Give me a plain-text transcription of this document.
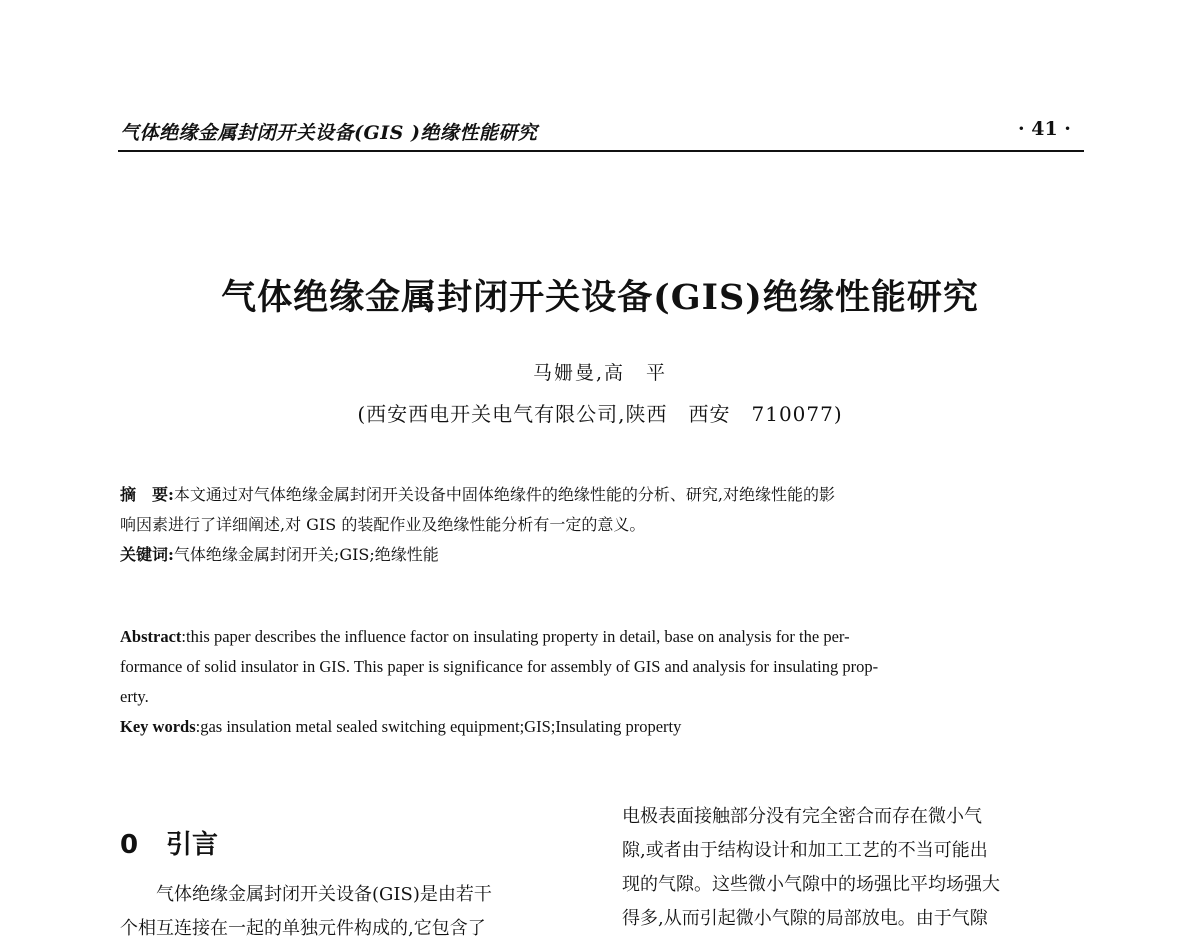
气体绝缘金属封闭开关设备(GIS )绝缘性能研究	· 41 ·
气体绝缘金属封闭开关设备(GIS)绝缘性能研究
马姗曼,高　平
(西安西电开关电气有限公司,陕西　西安　710077)

摘　要:本文通过对气体绝缘金属封闭开关设备中固体绝缘件的绝缘性能的分析、研究,对绝缘性能的影

响因素进行了详细阐述,对 GIS 的装配作业及绝缘性能分析有一定的意义。

关键词:气体绝缘金属封闭开关;GIS;绝缘性能

Abstract:this paper describes the influence factor on insulating property in detail, base on analysis for the per-

formance of solid insulator in GIS. This paper is significance for assembly of GIS and analysis for insulating prop-

erty.

Key words:gas insulation metal sealed switching equipment;GIS;Insulating property

0 引言

气体绝缘金属封闭开关设备(GIS)是由若干

个相互连接在一起的单独元件构成的,它包含了

电极表面接触部分没有完全密合而存在微小气

隙,或者由于结构设计和加工工艺的不当可能出

现的气隙。这些微小气隙中的场强比平均场强大

得多,从而引起微小气隙的局部放电。由于气隙
